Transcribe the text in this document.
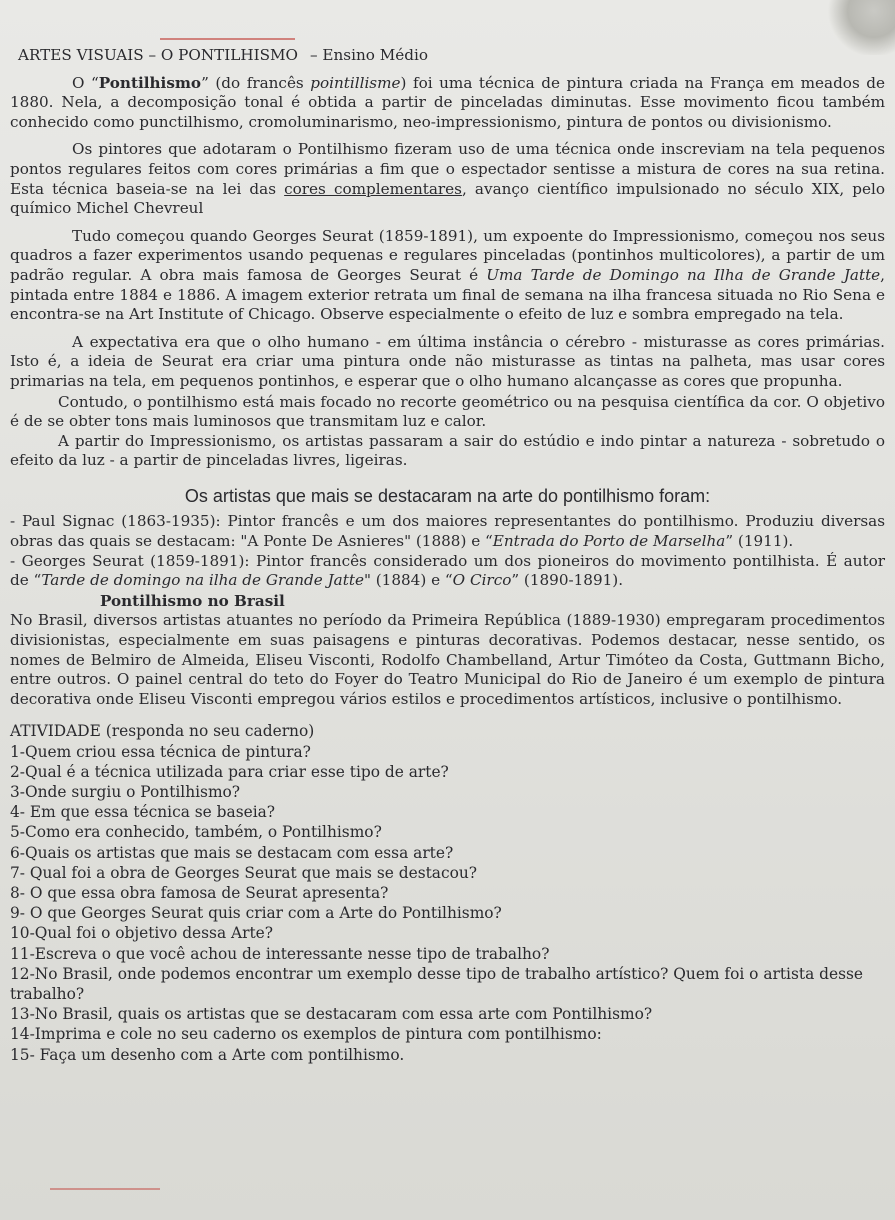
ARTES VISUAIS – O PONTILHISMO – Ensino Médio

O “Pontilhismo” (do francês pointillisme) foi uma técnica de pintura criada na França em meados de 1880. Nela, a decomposição tonal é obtida a partir de pinceladas diminutas. Esse movimento ficou também conhecido como punctilhismo, cromoluminarismo, neo-impressionismo, pintura de pontos ou divisionismo.

Os pintores que adotaram o Pontilhismo fizeram uso de uma técnica onde inscreviam na tela pequenos pontos regulares feitos com cores primárias a fim que o espectador sentisse a mistura de cores na sua retina. Esta técnica baseia-se na lei das cores complementares, avanço científico impulsionado no século XIX, pelo químico Michel Chevreul

Tudo começou quando Georges Seurat (1859-1891), um expoente do Impressionismo, começou nos seus quadros a fazer experimentos usando pequenas e regulares pinceladas (pontinhos multicolores), a partir de um padrão regular. A obra mais famosa de Georges Seurat é Uma Tarde de Domingo na Ilha de Grande Jatte, pintada entre 1884 e 1886. A imagem exterior retrata um final de semana na ilha francesa situada no Rio Sena e encontra-se na Art Institute of Chicago. Observe especialmente o efeito de luz e sombra empregado na tela.

A expectativa era que o olho humano - em última instância o cérebro - misturasse as cores primárias. Isto é, a ideia de Seurat era criar uma pintura onde não misturasse as tintas na palheta, mas usar cores primarias na tela, em pequenos pontinhos, e esperar que o olho humano alcançasse as cores que propunha.

Contudo, o pontilhismo está mais focado no recorte geométrico ou na pesquisa científica da cor. O objetivo é de se obter tons mais luminosos que transmitam luz e calor.

A partir do Impressionismo, os artistas passaram a sair do estúdio e indo pintar a natureza - sobretudo o efeito da luz - a partir de pinceladas livres, ligeiras.

Os artistas que mais se destacaram na arte do pontilhismo foram:

- Paul Signac (1863-1935): Pintor francês e um dos maiores representantes do pontilhismo. Produziu diversas obras das quais se destacam: "A Ponte De Asnieres" (1888) e “Entrada do Porto de Marselha” (1911).

- Georges Seurat (1859-1891): Pintor francês considerado um dos pioneiros do movimento pontilhista. É autor de “Tarde de domingo na ilha de Grande Jatte" (1884) e “O Circo” (1890-1891).

Pontilhismo no Brasil

No Brasil, diversos artistas atuantes no período da Primeira República (1889-1930) empregaram procedimentos divisionistas, especialmente em suas paisagens e pinturas decorativas. Podemos destacar, nesse sentido, os nomes de Belmiro de Almeida, Eliseu Visconti, Rodolfo Chambelland, Artur Timóteo da Costa, Guttmann Bicho, entre outros. O painel central do teto do Foyer do Teatro Municipal do Rio de Janeiro é um exemplo de pintura decorativa onde Eliseu Visconti empregou vários estilos e procedimentos artísticos, inclusive o pontilhismo.

ATIVIDADE (responda no seu caderno)

1-Quem criou essa técnica de pintura?

2-Qual é a técnica utilizada para criar esse tipo de arte?

3-Onde surgiu o Pontilhismo?

4- Em que essa técnica se baseia?

5-Como era conhecido, também, o Pontilhismo?

6-Quais os artistas que mais se destacam com essa arte?

7- Qual foi a obra de Georges Seurat que mais se destacou?

8- O que essa obra famosa de Seurat apresenta?

9- O que Georges Seurat quis criar com a Arte do Pontilhismo?

10-Qual foi o objetivo dessa Arte?

11-Escreva o que você achou de interessante nesse tipo de trabalho?

12-No Brasil, onde podemos encontrar um exemplo desse tipo de trabalho artístico? Quem foi o artista desse trabalho?

13-No Brasil, quais os artistas que se destacaram com essa arte com Pontilhismo?

14-Imprima e cole no seu caderno os exemplos de pintura com pontilhismo:

15- Faça um desenho com a Arte com pontilhismo.
